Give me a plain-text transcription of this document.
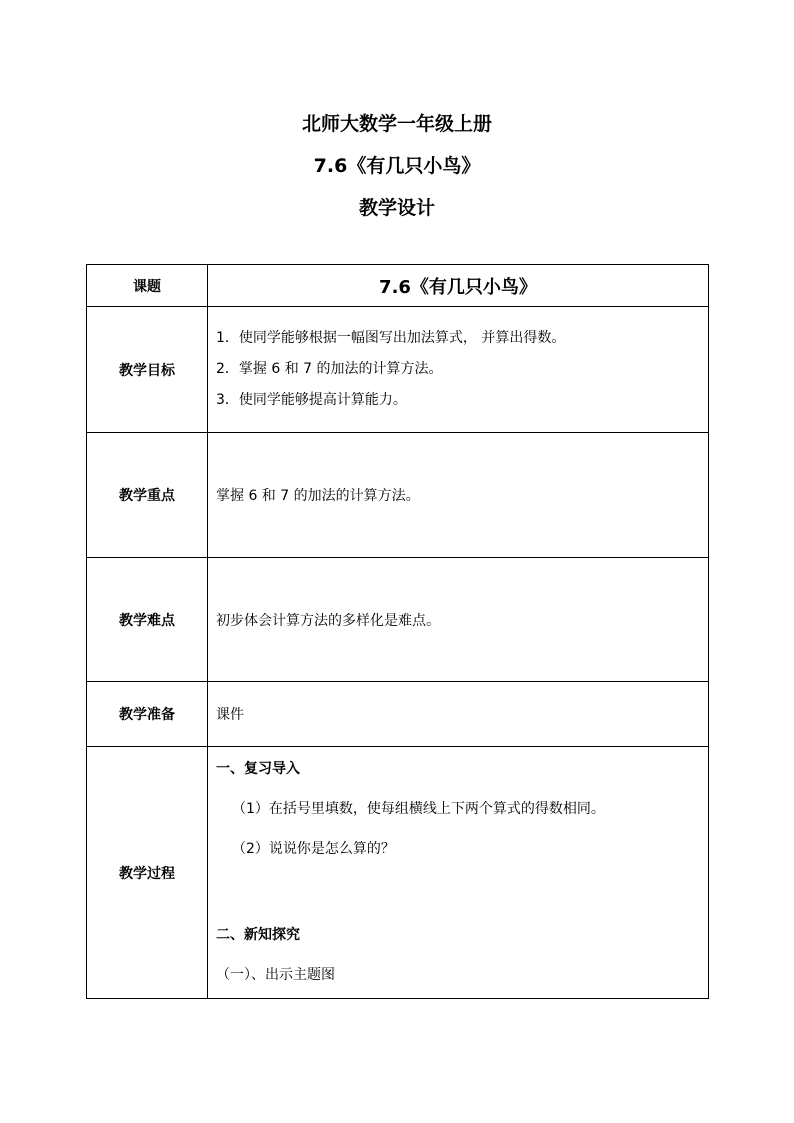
北师大数学一年级上册
7.6《有几只小鸟》
教学设计
课题	7.6《有几只小鸟》

教学目标	1．使同学能够根据一幅图写出加法算式， 并算出得数。

2．掌握 6 和 7 的加法的计算方法。

3．使同学能够提高计算能力。

教学重点	掌握 6 和 7 的加法的计算方法。
教学难点	初步体会计算方法的多样化是难点。
教学准备	课件
教学过程	一、复习导入

（1）在括号里填数，使每组横线上下两个算式的得数相同。

（2）说说你是怎么算的？

二、新知探究

（一）、出示主题图
